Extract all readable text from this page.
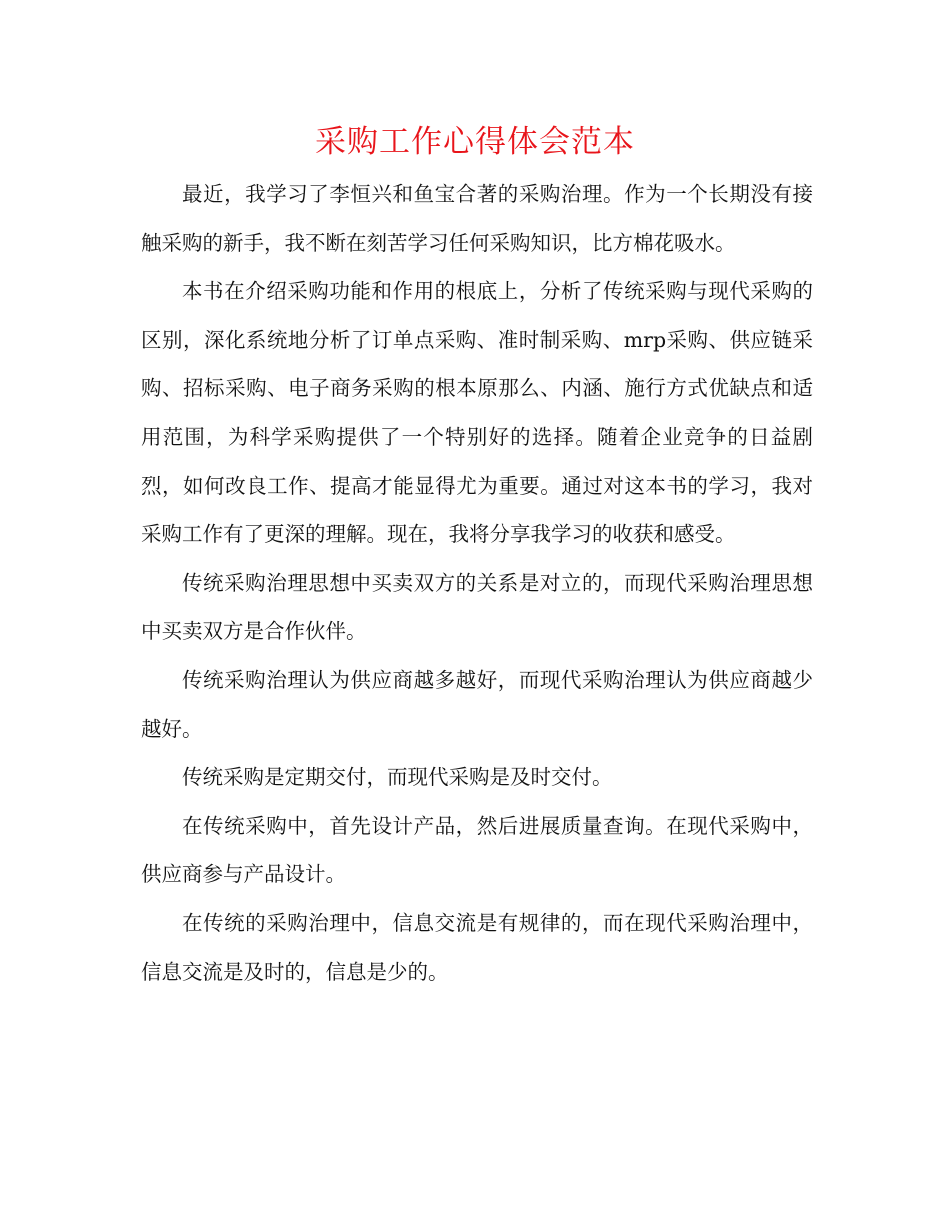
采购工作心得体会范本

最近，我学习了李恒兴和鱼宝合著的采购治理。作为一个长期没有接触采购的新手，我不断在刻苦学习任何采购知识，比方棉花吸水。

本书在介绍采购功能和作用的根底上，分析了传统采购与现代采购的区别，深化系统地分析了订单点采购、准时制采购、mrp采购、供应链采购、招标采购、电子商务采购的根本原那么、内涵、施行方式优缺点和适用范围，为科学采购提供了一个特别好的选择。随着企业竞争的日益剧烈，如何改良工作、提高才能显得尤为重要。通过对这本书的学习，我对采购工作有了更深的理解。现在，我将分享我学习的收获和感受。

传统采购治理思想中买卖双方的关系是对立的，而现代采购治理思想中买卖双方是合作伙伴。

传统采购治理认为供应商越多越好，而现代采购治理认为供应商越少越好。

传统采购是定期交付，而现代采购是及时交付。

在传统采购中，首先设计产品，然后进展质量查询。在现代采购中，供应商参与产品设计。

在传统的采购治理中，信息交流是有规律的，而在现代采购治理中，信息交流是及时的，信息是少的。
